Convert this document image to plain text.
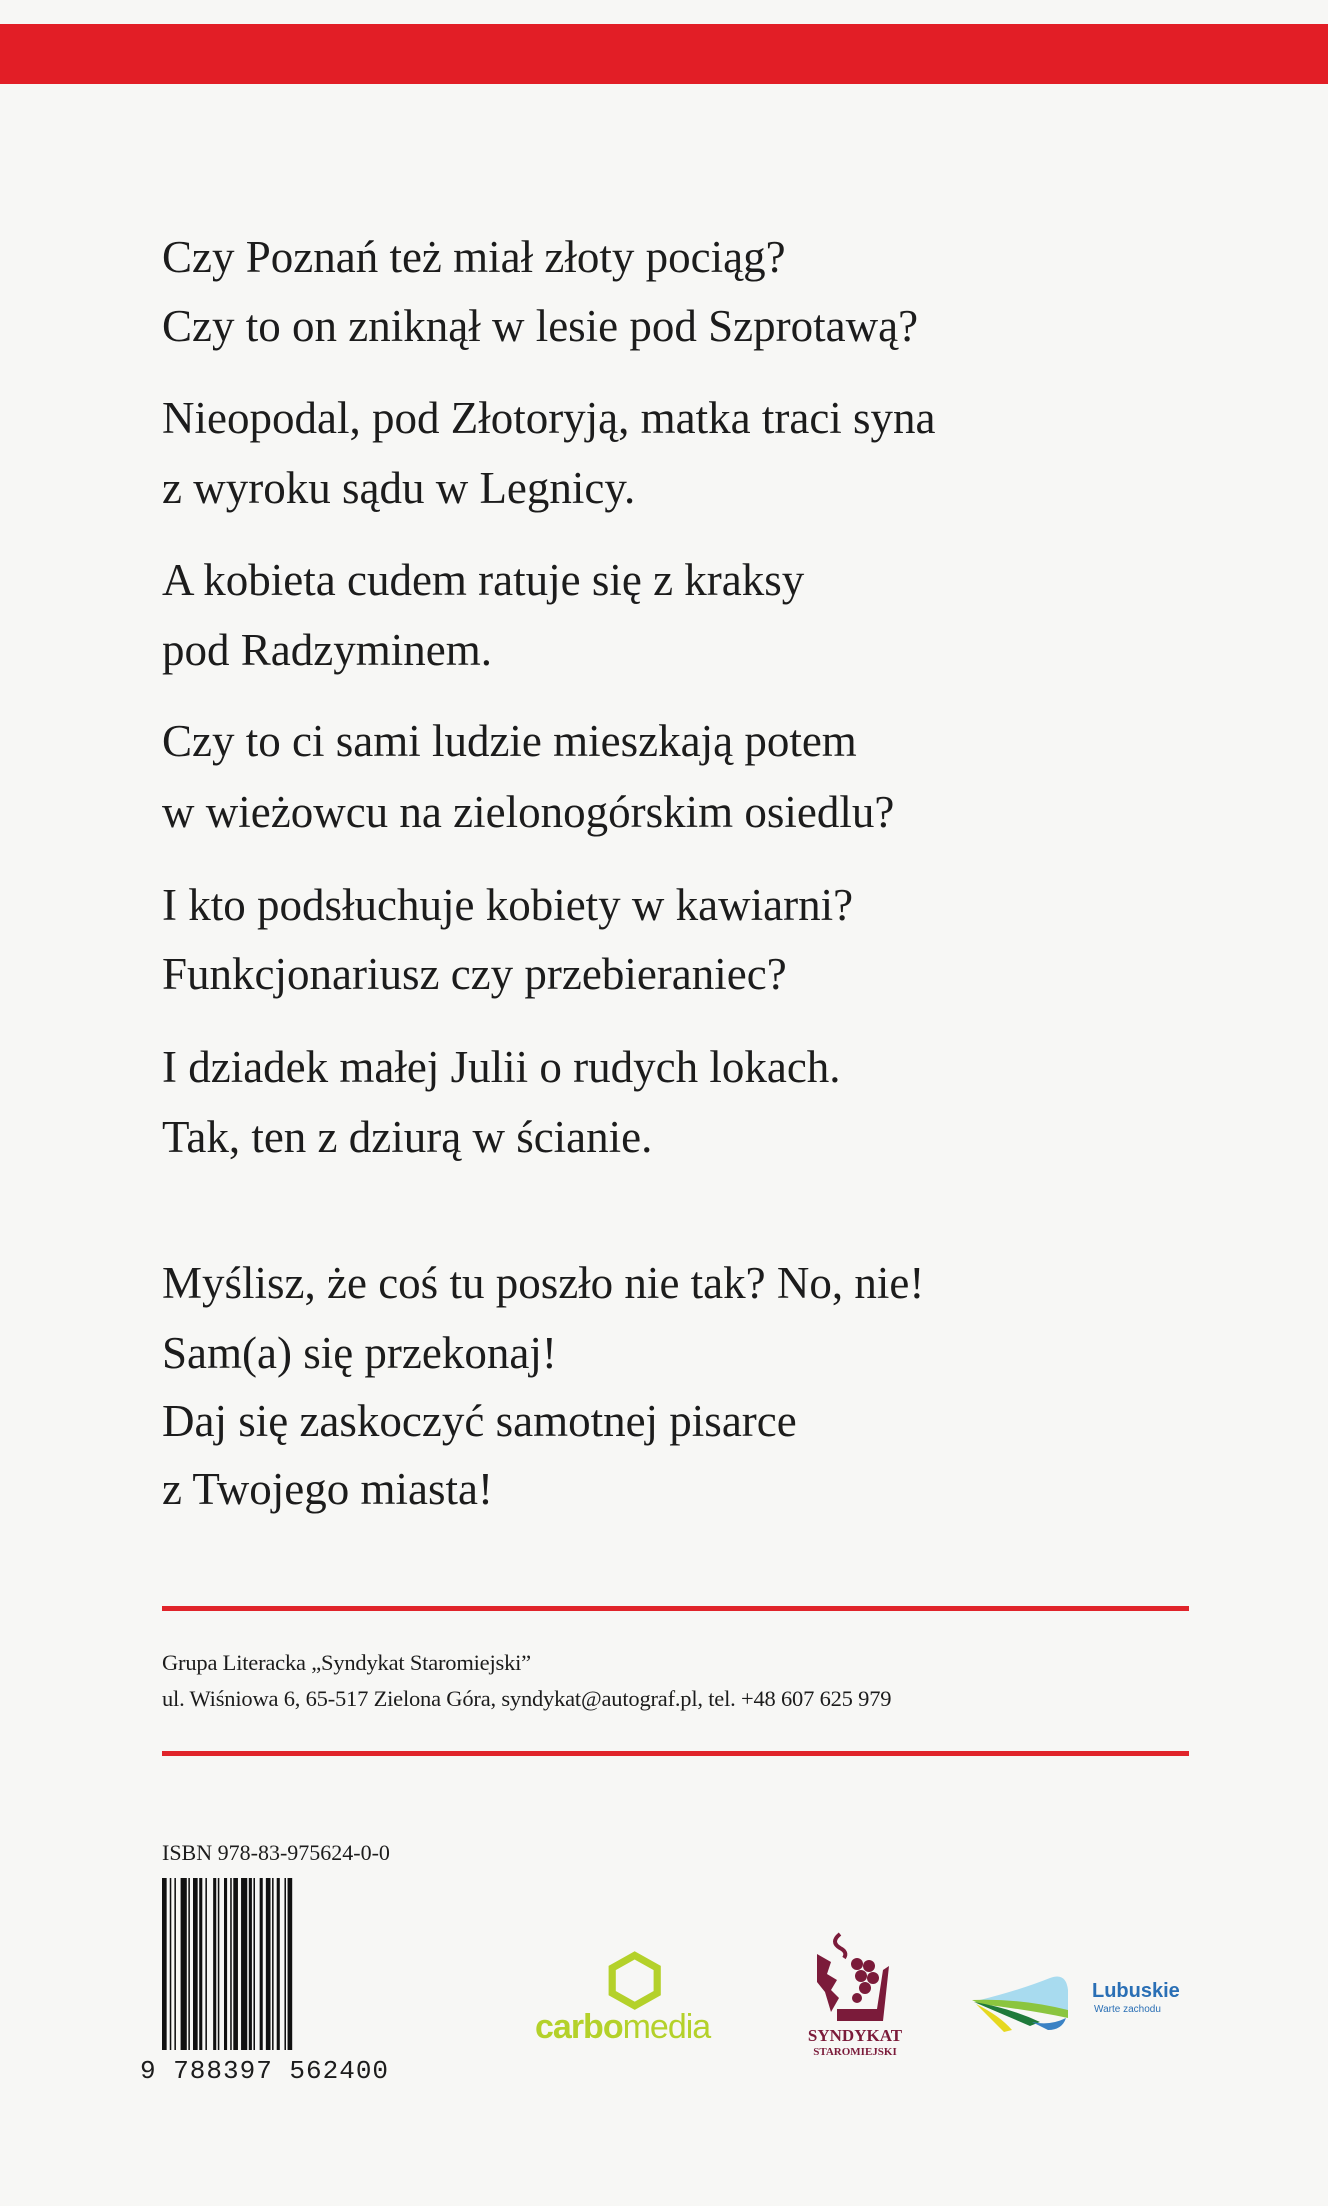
Czy Poznań też miał złoty pociąg?
Czy to on zniknął w lesie pod Szprotawą?
Nieopodal, pod Złotoryją, matka traci syna
z wyroku sądu w Legnicy.
A kobieta cudem ratuje się z kraksy
pod Radzyminem.
Czy to ci sami ludzie mieszkają potem
w wieżowcu na zielonogórskim osiedlu?
I kto podsłuchuje kobiety w kawiarni?
Funkcjonariusz czy przebieraniec?
I dziadek małej Julii o rudych lokach.
Tak, ten z dziurą w ścianie.
Myślisz, że coś tu poszło nie tak? No, nie!
Sam(a) się przekonaj!
Daj się zaskoczyć samotnej pisarce
z Twojego miasta!
Grupa Literacka „Syndykat Staromiejski”
ul. Wiśniowa 6, 65-517 Zielona Góra, syndykat@autograf.pl, tel. +48 607 625 979
ISBN 978-83-975624-0-0
9 788397 562400
carbomedia	SYNDYKAT
STAROMIEJSKI
Lubuskie
Warte zachodu
